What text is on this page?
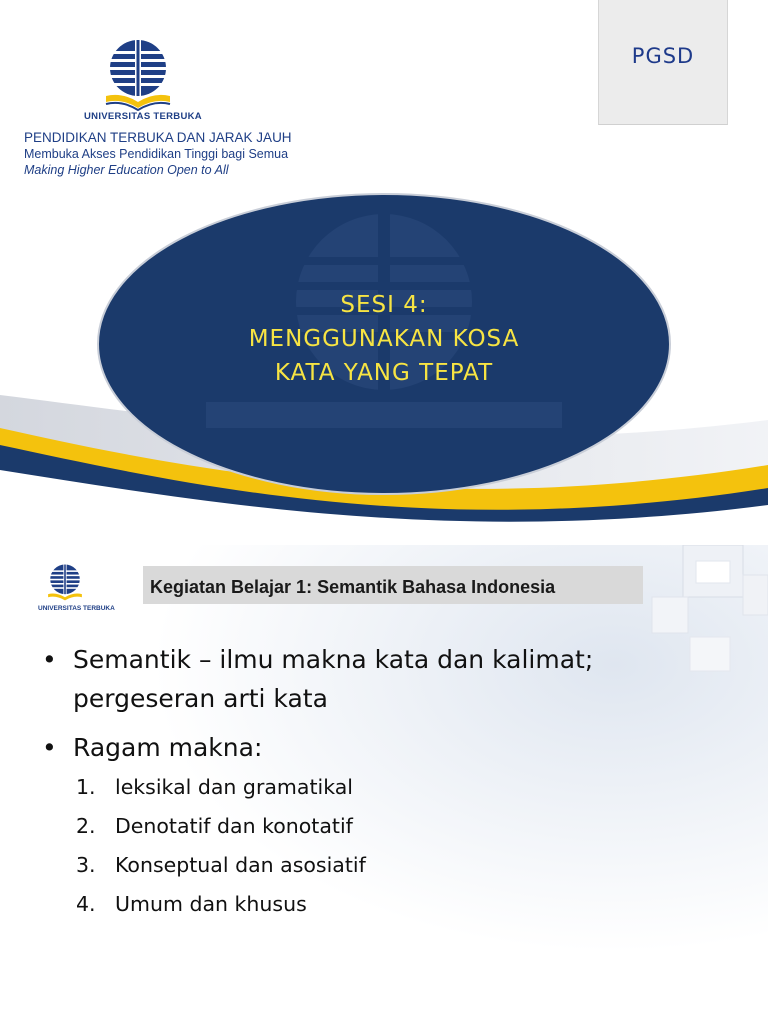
PGSD
UNIVERSITAS TERBUKA
PENDIDIKAN TERBUKA DAN JARAK JAUH
Membuka Akses Pendidikan Tinggi bagi Semua
Making Higher Education Open to All
SESI 4:
MENGGUNAKAN KOSA
KATA YANG TEPAT
UNIVERSITAS TERBUKA
Kegiatan Belajar 1: Semantik Bahasa Indonesia
• Semantik – ilmu makna kata dan kalimat; pergeseran arti kata
• Ragam makna:
1. leksikal dan gramatikal
2. Denotatif dan konotatif
3. Konseptual dan asosiatif
4. Umum dan khusus
